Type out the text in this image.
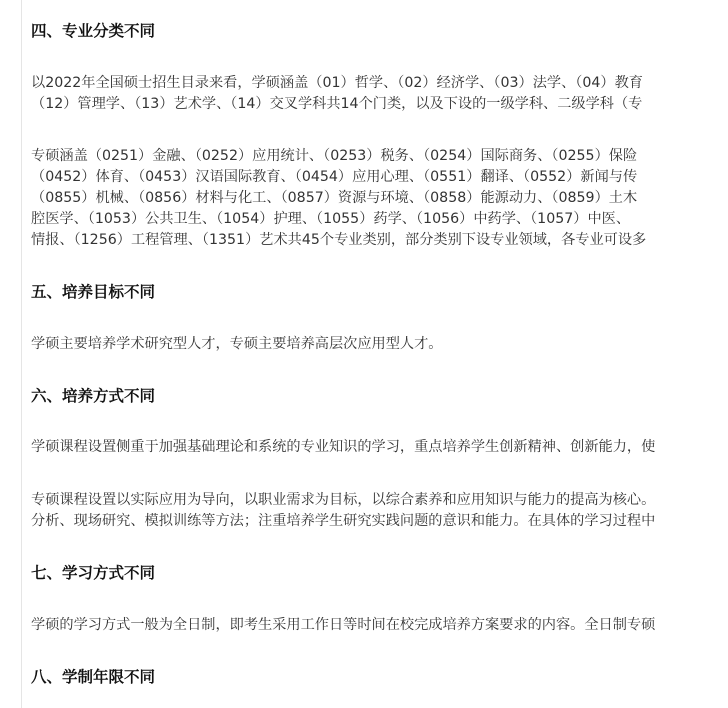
四、专业分类不同
以2022年全国硕士招生目录来看，学硕涵盖（01）哲学、（02）经济学、（03）法学、（04）教育
（12）管理学、（13）艺术学、（14）交叉学科共14个门类，以及下设的一级学科、二级学科（专
专硕涵盖（0251）金融、（0252）应用统计、（0253）税务、（0254）国际商务、（0255）保险
（0452）体育、（0453）汉语国际教育、（0454）应用心理、（0551）翻译、（0552）新闻与传
（0855）机械、（0856）材料与化工、（0857）资源与环境、（0858）能源动力、（0859）土木
腔医学、（1053）公共卫生、（1054）护理、（1055）药学、（1056）中药学、（1057）中医、
情报、（1256）工程管理、（1351）艺术共45个专业类别，部分类别下设专业领域，各专业可设多
五、培养目标不同
学硕主要培养学术研究型人才，专硕主要培养高层次应用型人才。
六、培养方式不同
学硕课程设置侧重于加强基础理论和系统的专业知识的学习，重点培养学生创新精神、创新能力，使
专硕课程设置以实际应用为导向，以职业需求为目标，以综合素养和应用知识与能力的提高为核心。
分析、现场研究、模拟训练等方法；注重培养学生研究实践问题的意识和能力。在具体的学习过程中
七、学习方式不同
学硕的学习方式一般为全日制，即考生采用工作日等时间在校完成培养方案要求的内容。全日制专硕
八、学制年限不同
